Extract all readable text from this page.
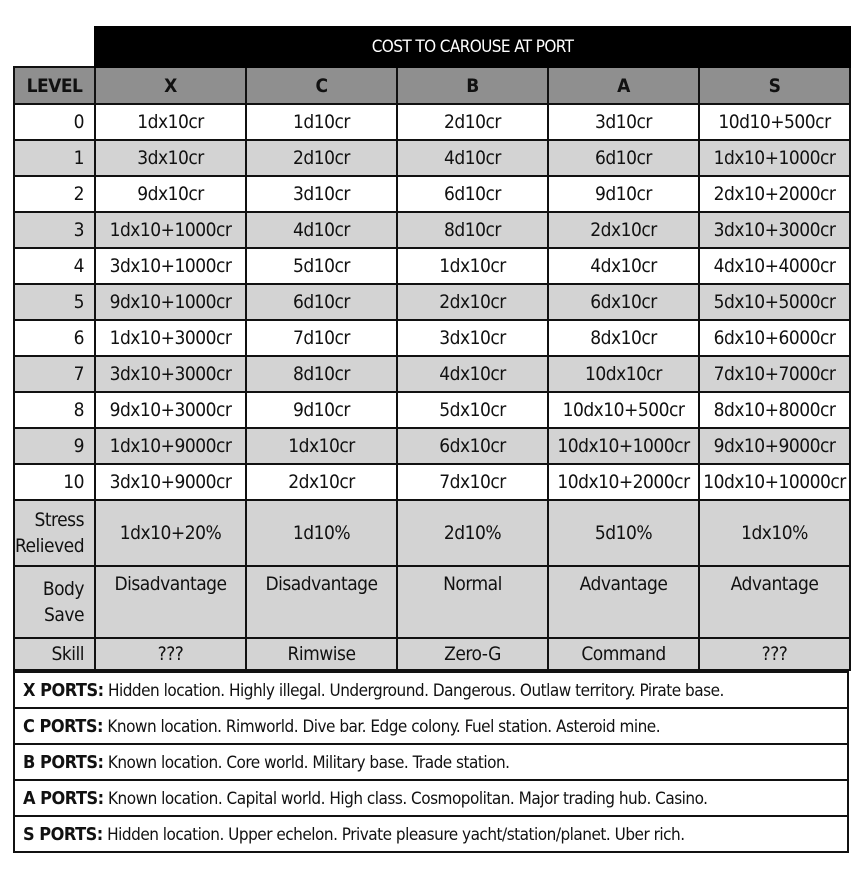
	COST TO CAROUSE AT PORT				
LEVEL	X	C	B	A	S
0	1dx10cr	1d10cr	2d10cr	3d10cr	10d10+500cr
1	3dx10cr	2d10cr	4d10cr	6d10cr	1dx10+1000cr
2	9dx10cr	3d10cr	6d10cr	9d10cr	2dx10+2000cr
3	1dx10+1000cr	4d10cr	8d10cr	2dx10cr	3dx10+3000cr
4	3dx10+1000cr	5d10cr	1dx10cr	4dx10cr	4dx10+4000cr
5	9dx10+1000cr	6d10cr	2dx10cr	6dx10cr	5dx10+5000cr
6	1dx10+3000cr	7d10cr	3dx10cr	8dx10cr	6dx10+6000cr
7	3dx10+3000cr	8d10cr	4dx10cr	10dx10cr	7dx10+7000cr
8	9dx10+3000cr	9d10cr	5dx10cr	10dx10+500cr	8dx10+8000cr
9	1dx10+9000cr	1dx10cr	6dx10cr	10dx10+1000cr	9dx10+9000cr
10	3dx10+9000cr	2dx10cr	7dx10cr	10dx10+2000cr	10dx10+10000cr
Stress
Relieved	1dx10+20%	1d10%	2d10%	5d10%	1dx10%
Body
Save	Disadvantage	Disadvantage	Normal	Advantage	Advantage
Skill	???	Rimwise	Zero-G	Command	???
X PORTS: Hidden location. Highly illegal. Underground. Dangerous. Outlaw territory. Pirate base.
C PORTS: Known location. Rimworld. Dive bar. Edge colony. Fuel station. Asteroid mine.
B PORTS: Known location. Core world. Military base. Trade station.
A PORTS: Known location. Capital world. High class. Cosmopolitan. Major trading hub. Casino.
S PORTS: Hidden location. Upper echelon. Private pleasure yacht/station/planet. Uber rich.
